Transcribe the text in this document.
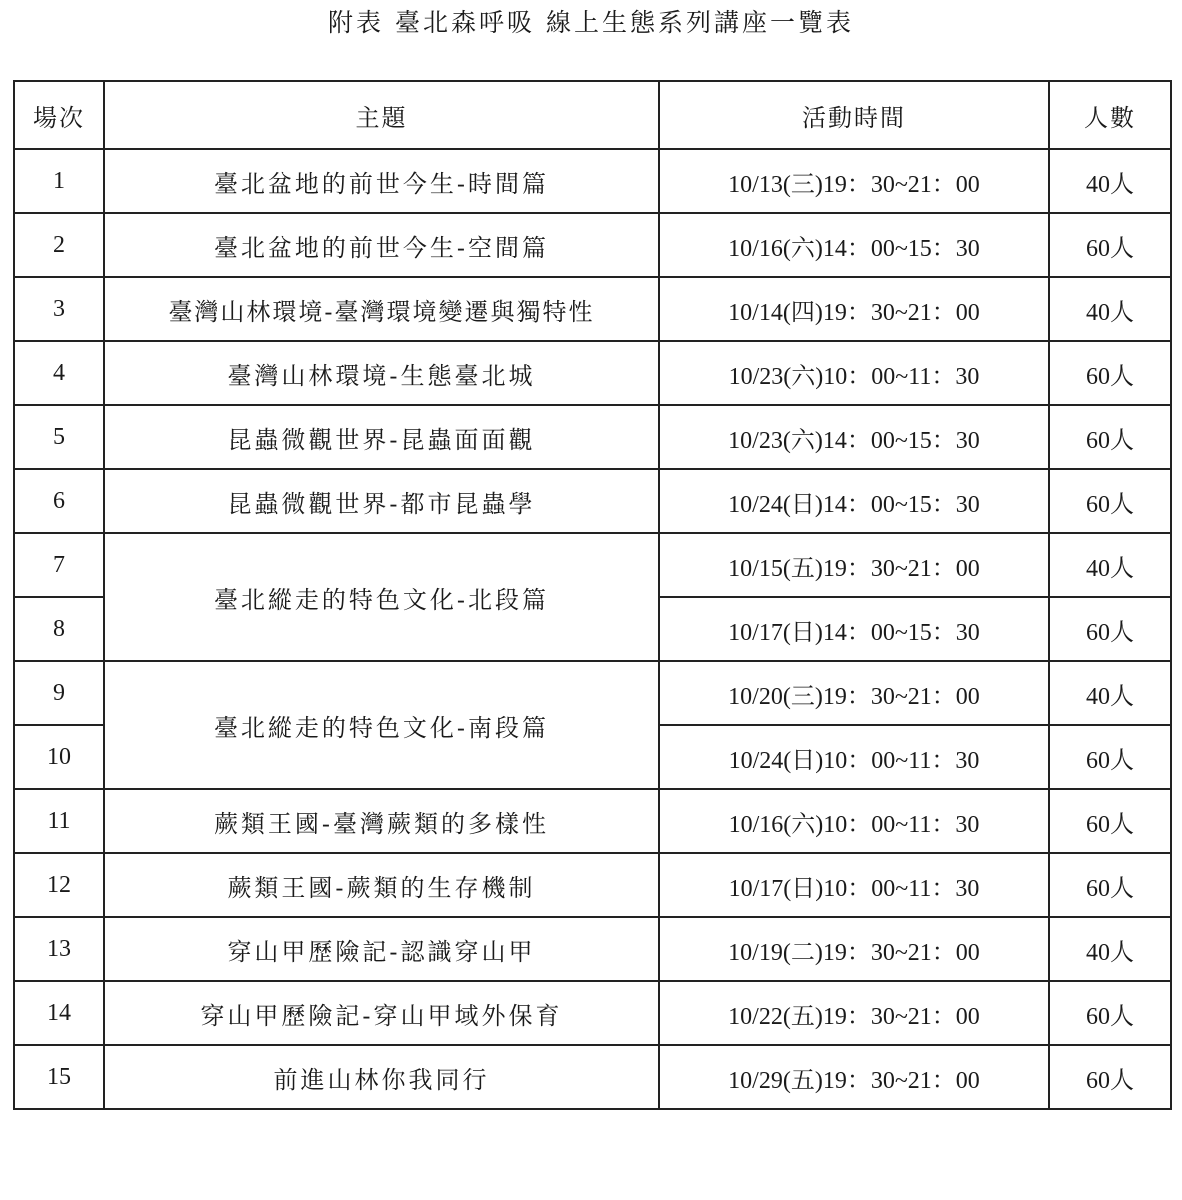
附表 臺北森呼吸 線上生態系列講座一覽表
場次	主題	活動時間	人數
1	臺北盆地的前世今生-時間篇	10/13(三)19：30~21：00	40人
2	臺北盆地的前世今生-空間篇	10/16(六)14：00~15：30	60人
3	臺灣山林環境-臺灣環境變遷與獨特性	10/14(四)19：30~21：00	40人
4	臺灣山林環境-生態臺北城	10/23(六)10：00~11：30	60人
5	昆蟲微觀世界-昆蟲面面觀	10/23(六)14：00~15：30	60人
6	昆蟲微觀世界-都市昆蟲學	10/24(日)14：00~15：30	60人
7	臺北縱走的特色文化-北段篇	10/15(五)19：30~21：00	40人
8		10/17(日)14：00~15：30	60人
9	臺北縱走的特色文化-南段篇	10/20(三)19：30~21：00	40人
10		10/24(日)10：00~11：30	60人
11	蕨類王國-臺灣蕨類的多樣性	10/16(六)10：00~11：30	60人
12	蕨類王國-蕨類的生存機制	10/17(日)10：00~11：30	60人
13	穿山甲歷險記-認識穿山甲	10/19(二)19：30~21：00	40人
14	穿山甲歷險記-穿山甲域外保育	10/22(五)19：30~21：00	60人
15	前進山林你我同行	10/29(五)19：30~21：00	60人
